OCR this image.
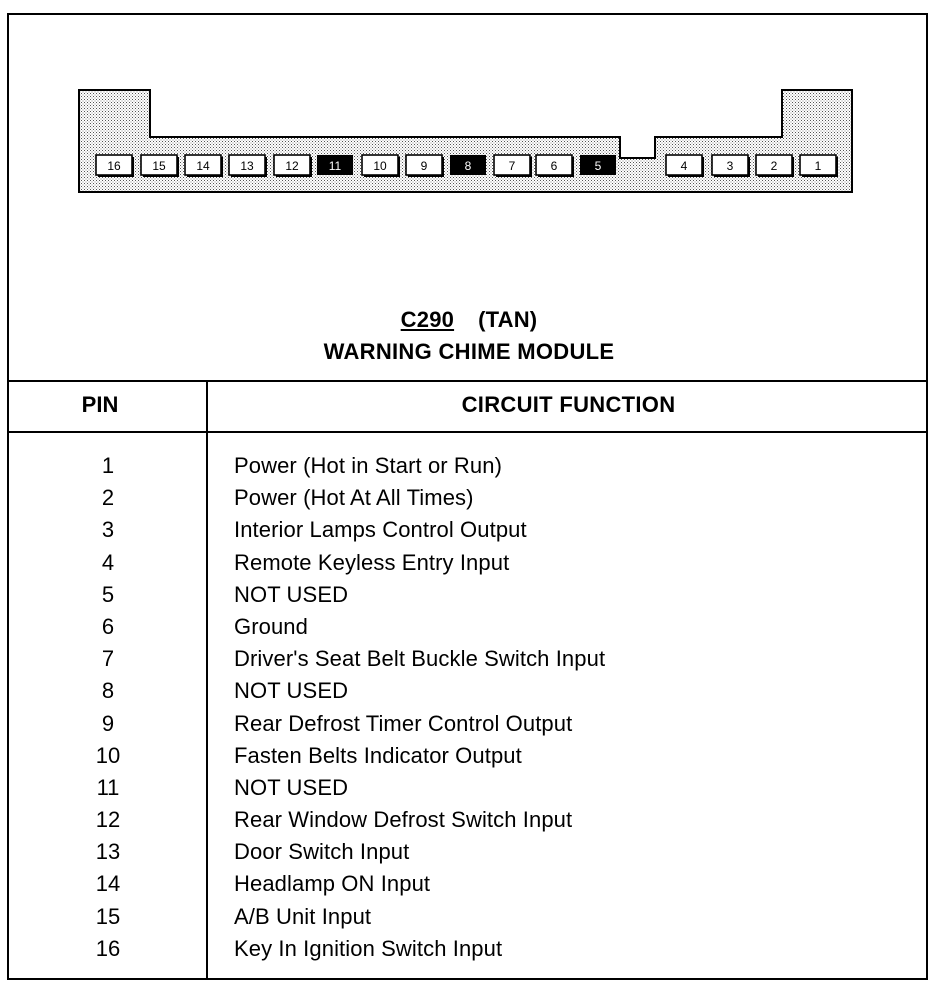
16	15	14	13	12	11	10	9	8	7	6	5	4	3	2	1
C290 (TAN)
WARNING CHIME MODULE
PIN	CIRCUIT FUNCTION
1	Power (Hot in Start or Run)
2	Power (Hot At All Times)
3	Interior Lamps Control Output
4	Remote Keyless Entry Input
5	NOT USED
6	Ground
7	Driver's Seat Belt Buckle Switch Input
8	NOT USED
9	Rear Defrost Timer Control Output
10	Fasten Belts Indicator Output
11	NOT USED
12	Rear Window Defrost Switch Input
13	Door Switch Input
14	Headlamp ON Input
15	A/B Unit Input
16	Key In Ignition Switch Input
